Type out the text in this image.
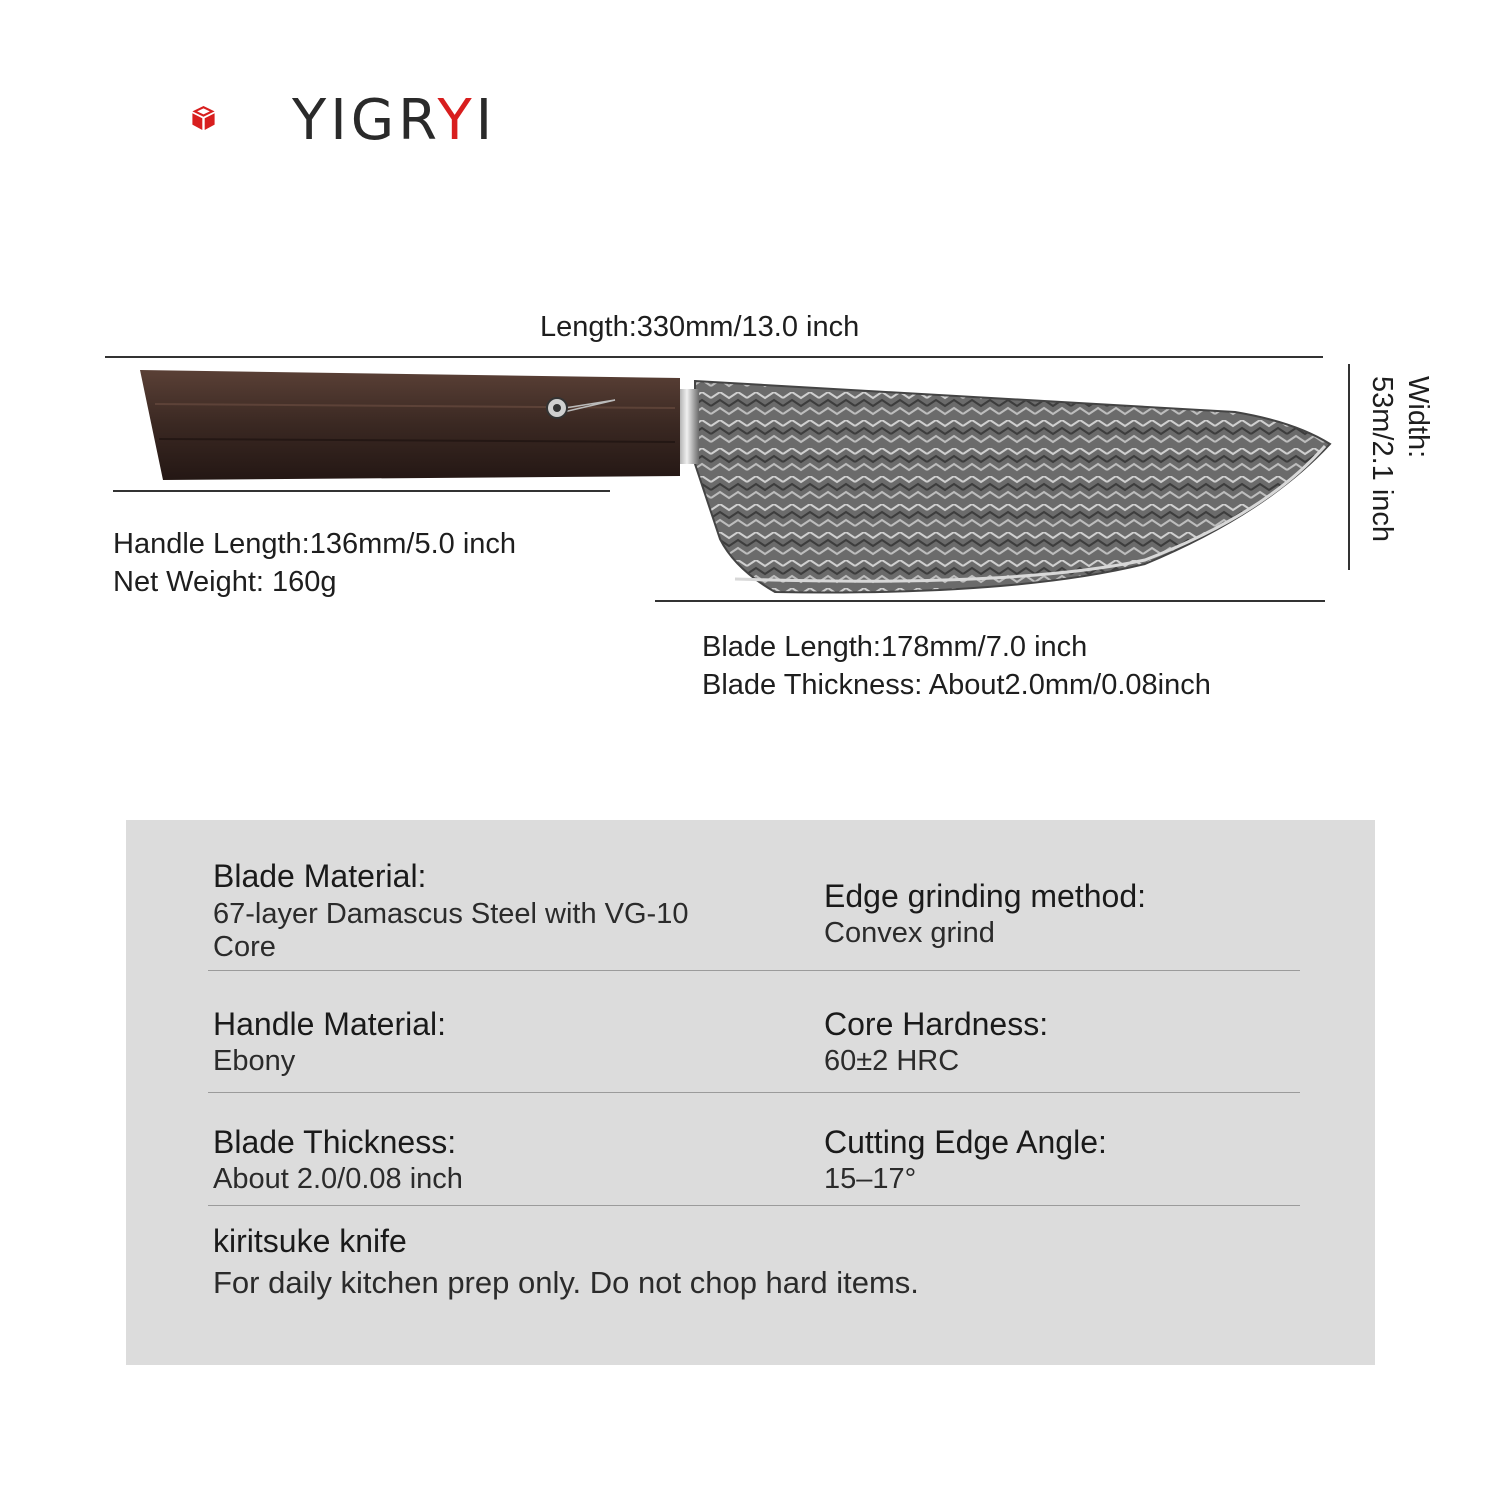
YIGRYI
Length:330mm/13.0 inch
Handle Length:136mm/5.0 inch
Net Weight: 160g
Blade Length:178mm/7.0 inch
Blade Thickness: About2.0mm/0.08inch
Width:
53m/2.1 inch
Blade Material:
67-layer Damascus Steel with VG-10 Core
Edge grinding method:
Convex grind
Handle Material:
Ebony
Core Hardness:
60±2 HRC
Blade Thickness:
About 2.0/0.08 inch
Cutting Edge Angle:
15–17°
kiritsuke knife
For daily kitchen prep only. Do not chop hard items.
